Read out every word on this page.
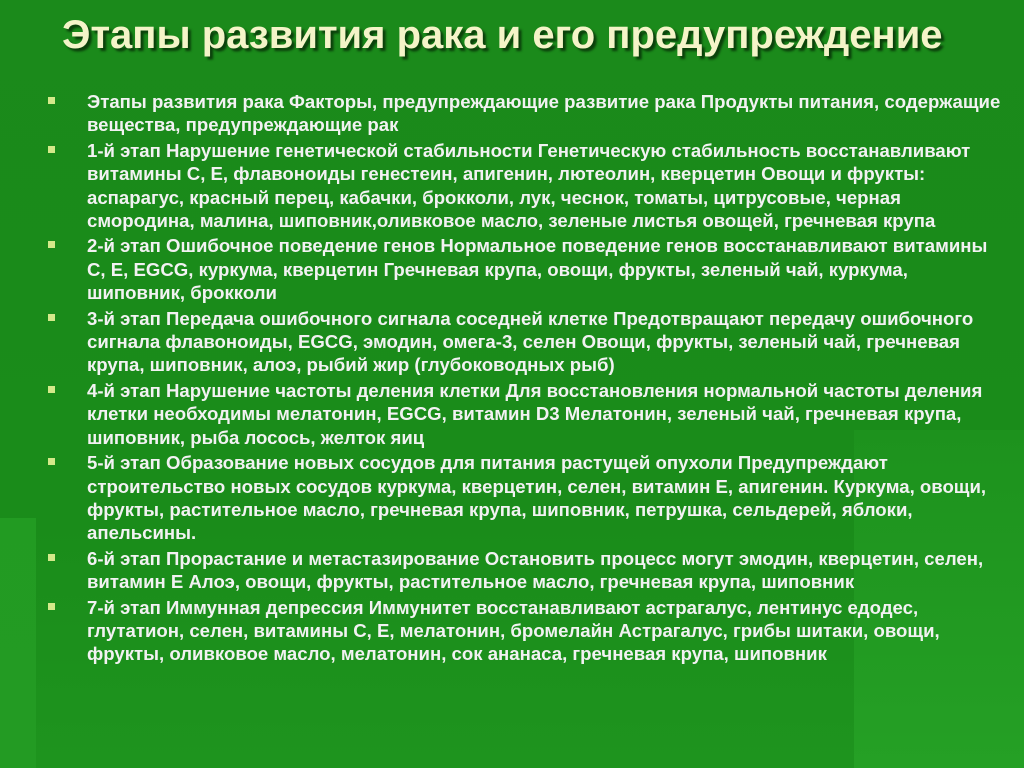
Этапы развития рака и его предупреждение
Этапы развития рака Факторы, предупреждающие развитие рака Продукты питания, содержащие вещества, предупреждающие рак
1-й этап Нарушение генетической стабильности Генетическую стабильность восстанавливают витамины С, Е, флавоноиды генестеин, апигенин, лютеолин, кверцетин Овощи и фрукты: аспарагус, красный перец, кабачки, брокколи, лук, чеснок, томаты, цитрусовые, черная смородина, малина, шиповник,оливковое масло, зеленые листья овощей, гречневая крупа
2-й этап Ошибочное поведение генов Нормальное поведение генов восстанавливают витамины С, Е, EGCG, куркума, кверцетин Гречневая крупа, овощи, фрукты, зеленый чай, куркума, шиповник, брокколи
3-й этап Передача ошибочного сигнала соседней клетке Предотвращают передачу ошибочного сигнала флавоноиды, EGCG, эмодин, омега-3, селен Овощи, фрукты, зеленый чай, гречневая крупа, шиповник, алоэ, рыбий жир (глубоководных рыб)
4-й этап Нарушение частоты деления клетки Для восстановления нормальной частоты деления клетки необходимы мелатонин, EGCG, витамин D3 Мелатонин, зеленый чай, гречневая крупа, шиповник, рыба лосось, желток яиц
5-й этап Образование новых сосудов для питания растущей опухоли Предупреждают строительство новых сосудов куркума, кверцетин, селен, витамин Е, апигенин. Куркума, овощи, фрукты, растительное масло, гречневая крупа, шиповник, петрушка, сельдерей, яблоки, апельсины.
6-й этап Прорастание и метастазирование Остановить процесс могут эмодин, кверцетин, селен, витамин Е Алоэ, овощи, фрукты, растительное масло, гречневая крупа, шиповник
7-й этап Иммунная депрессия Иммунитет восстанавливают астрагалус, лентинус едодес, глутатион, селен, витамины С, Е, мелатонин, бромелайн Астрагалус, грибы шитаки, овощи, фрукты, оливковое масло, мелатонин, сок ананаса, гречневая крупа, шиповник
